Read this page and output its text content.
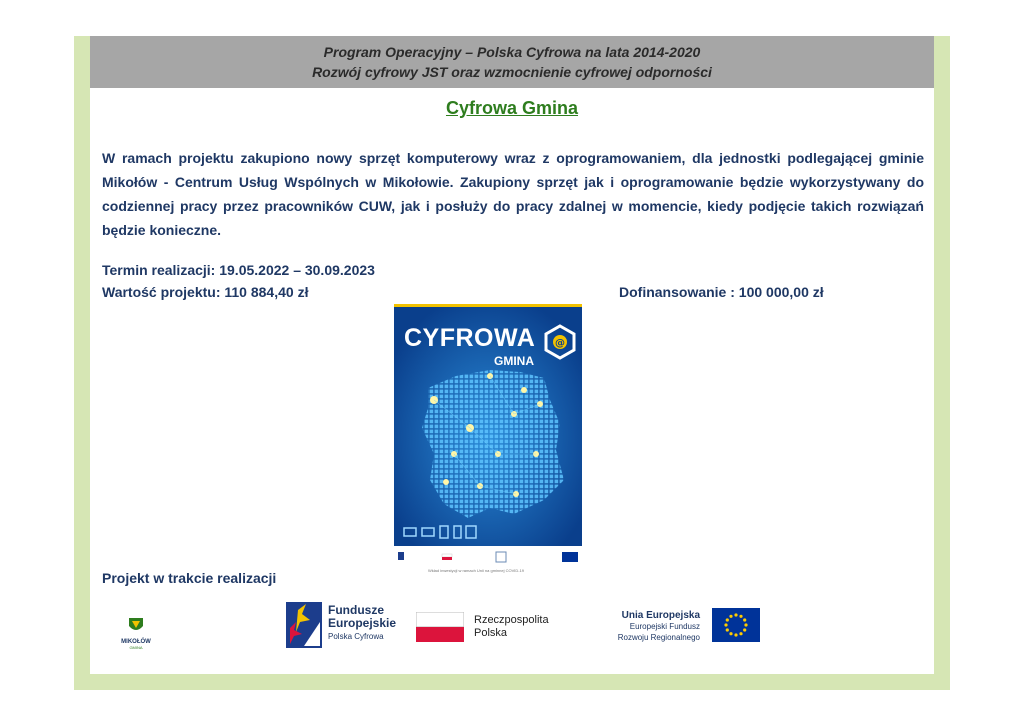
Program Operacyjny – Polska Cyfrowa na lata 2014-2020
Rozwój cyfrowy JST oraz wzmocnienie cyfrowej odporności
Cyfrowa Gmina
W ramach projektu zakupiono nowy sprzęt komputerowy wraz z oprogramowaniem, dla jednostki podlegającej gminie Mikołów - Centrum Usług Wspólnych w Mikołowie. Zakupiony sprzęt jak i oprogramowanie będzie wykorzystywany do codziennej pracy przez pracowników CUW, jak i posłuży do pracy zdalnej w momencie, kiedy podjęcie takich rozwiązań będzie konieczne.
Termin realizacji: 19.05.2022 – 30.09.2023
Wartość projektu: 110 884,40 zł	Dofinansowanie : 100 000,00 zł
@
CYFROWA
GMINA
Wkład inwestycji w ramach Unii na gminnej COVID-19
Projekt w trakcie realizacji
MIKOŁÓW
GMINA
Fundusze
Europejskie
Polska Cyfrowa
Rzeczpospolita
Polska
Unia Europejska
Europejski Fundusz
Rozwoju Regionalnego
